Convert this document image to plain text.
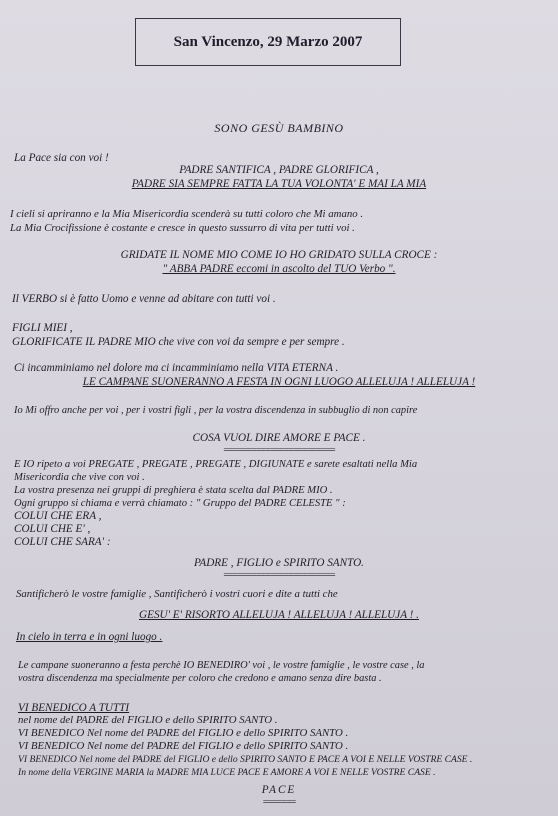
San Vincenzo, 29 Marzo 2007
SONO GESÙ BAMBINO
La Pace sia con voi !
PADRE SANTIFICA , PADRE GLORIFICA ,
PADRE SIA SEMPRE FATTA LA TUA VOLONTA' E MAI LA MIA
I cieli si apriranno e la Mia Misericordia scenderà su tutti coloro che Mi amano .
La Mia Crocifissione è costante e cresce in questo sussurro di vita per tutti voi .
GRIDATE IL NOME MIO COME IO HO GRIDATO SULLA CROCE :
" ABBA PADRE eccomi in ascolto del TUO Verbo ".
Il VERBO si è fatto Uomo e venne ad abitare con tutti voi .
FIGLI MIEI ,
GLORIFICATE IL PADRE MIO che vive con voi da sempre e per sempre .
Ci incamminiamo nel dolore ma ci incamminiamo nella VITA ETERNA .
LE CAMPANE SUONERANNO A FESTA IN OGNI LUOGO ALLELUJA ! ALLELUJA !
Io Mi offro anche per voi , per i vostri figli , per la vostra discendenza in subbuglio di non capire
COSA VUOL DIRE AMORE E PACE .
========================
E IO ripeto a voi PREGATE , PREGATE , PREGATE , DIGIUNATE e sarete esaltati nella Mia
Misericordia che vive con voi .
La vostra presenza nei gruppi di preghiera è stata scelta dal PADRE MIO .
Ogni gruppo si chiama e verrà chiamato : " Gruppo del PADRE CELESTE " :
COLUI CHE ERA ,
COLUI CHE E' ,
COLUI CHE SARA' :
PADRE , FIGLIO e SPIRITO SANTO.
========================
Santificherò le vostre famiglie , Santificherò i vostri cuori e dite a tutti che
GESU' E' RISORTO ALLELUJA ! ALLELUJA ! ALLELUJA ! .
In cielo in terra e in ogni luogo .
Le campane suoneranno a festa perchè IO BENEDIRO' voi , le vostre famiglie , le vostre case , la
vostra discendenza ma specialmente per coloro che credono e amano senza dire basta .
VI BENEDICO A TUTTI
nel nome del PADRE del FIGLIO e dello SPIRITO SANTO .
VI BENEDICO Nel nome del PADRE del FIGLIO e dello SPIRITO SANTO .
VI BENEDICO Nel nome del PADRE del FIGLIO e dello SPIRITO SANTO .
VI BENEDICO Nel nome del PADRE del FIGLIO e dello SPIRITO SANTO E PACE A VOI E NELLE VOSTRE CASE .
In nome della VERGINE MARIA la MADRE MIA LUCE PACE E AMORE A VOI E NELLE VOSTRE CASE .
PACE
=======
